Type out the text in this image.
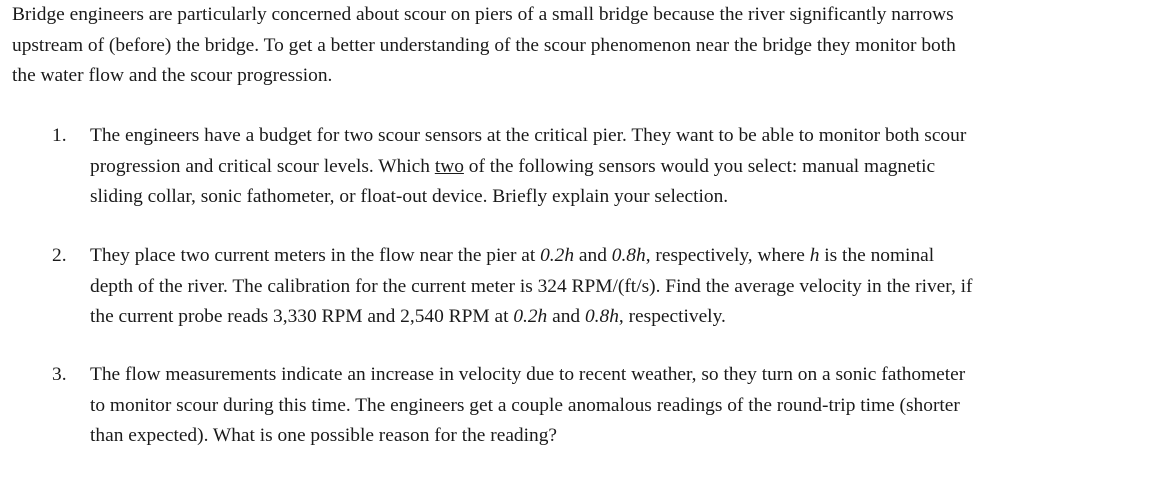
Bridge engineers are particularly concerned about scour on piers of a small bridge because the river significantly narrows
upstream of (before) the bridge. To get a better understanding of the scour phenomenon near the bridge they monitor both
the water flow and the scour progression.

1.	The engineers have a budget for two scour sensors at the critical pier. They want to be able to monitor both scour
progression and critical scour levels. Which two of the following sensors would you select: manual magnetic
sliding collar, sonic fathometer, or float-out device. Briefly explain your selection.
2.	They place two current meters in the flow near the pier at 0.2h and 0.8h, respectively, where h is the nominal
depth of the river. The calibration for the current meter is 324 RPM/(ft/s). Find the average velocity in the river, if
the current probe reads 3,330 RPM and 2,540 RPM at 0.2h and 0.8h, respectively.
3.	The flow measurements indicate an increase in velocity due to recent weather, so they turn on a sonic fathometer
to monitor scour during this time. The engineers get a couple anomalous readings of the round-trip time (shorter
than expected). What is one possible reason for the reading?
